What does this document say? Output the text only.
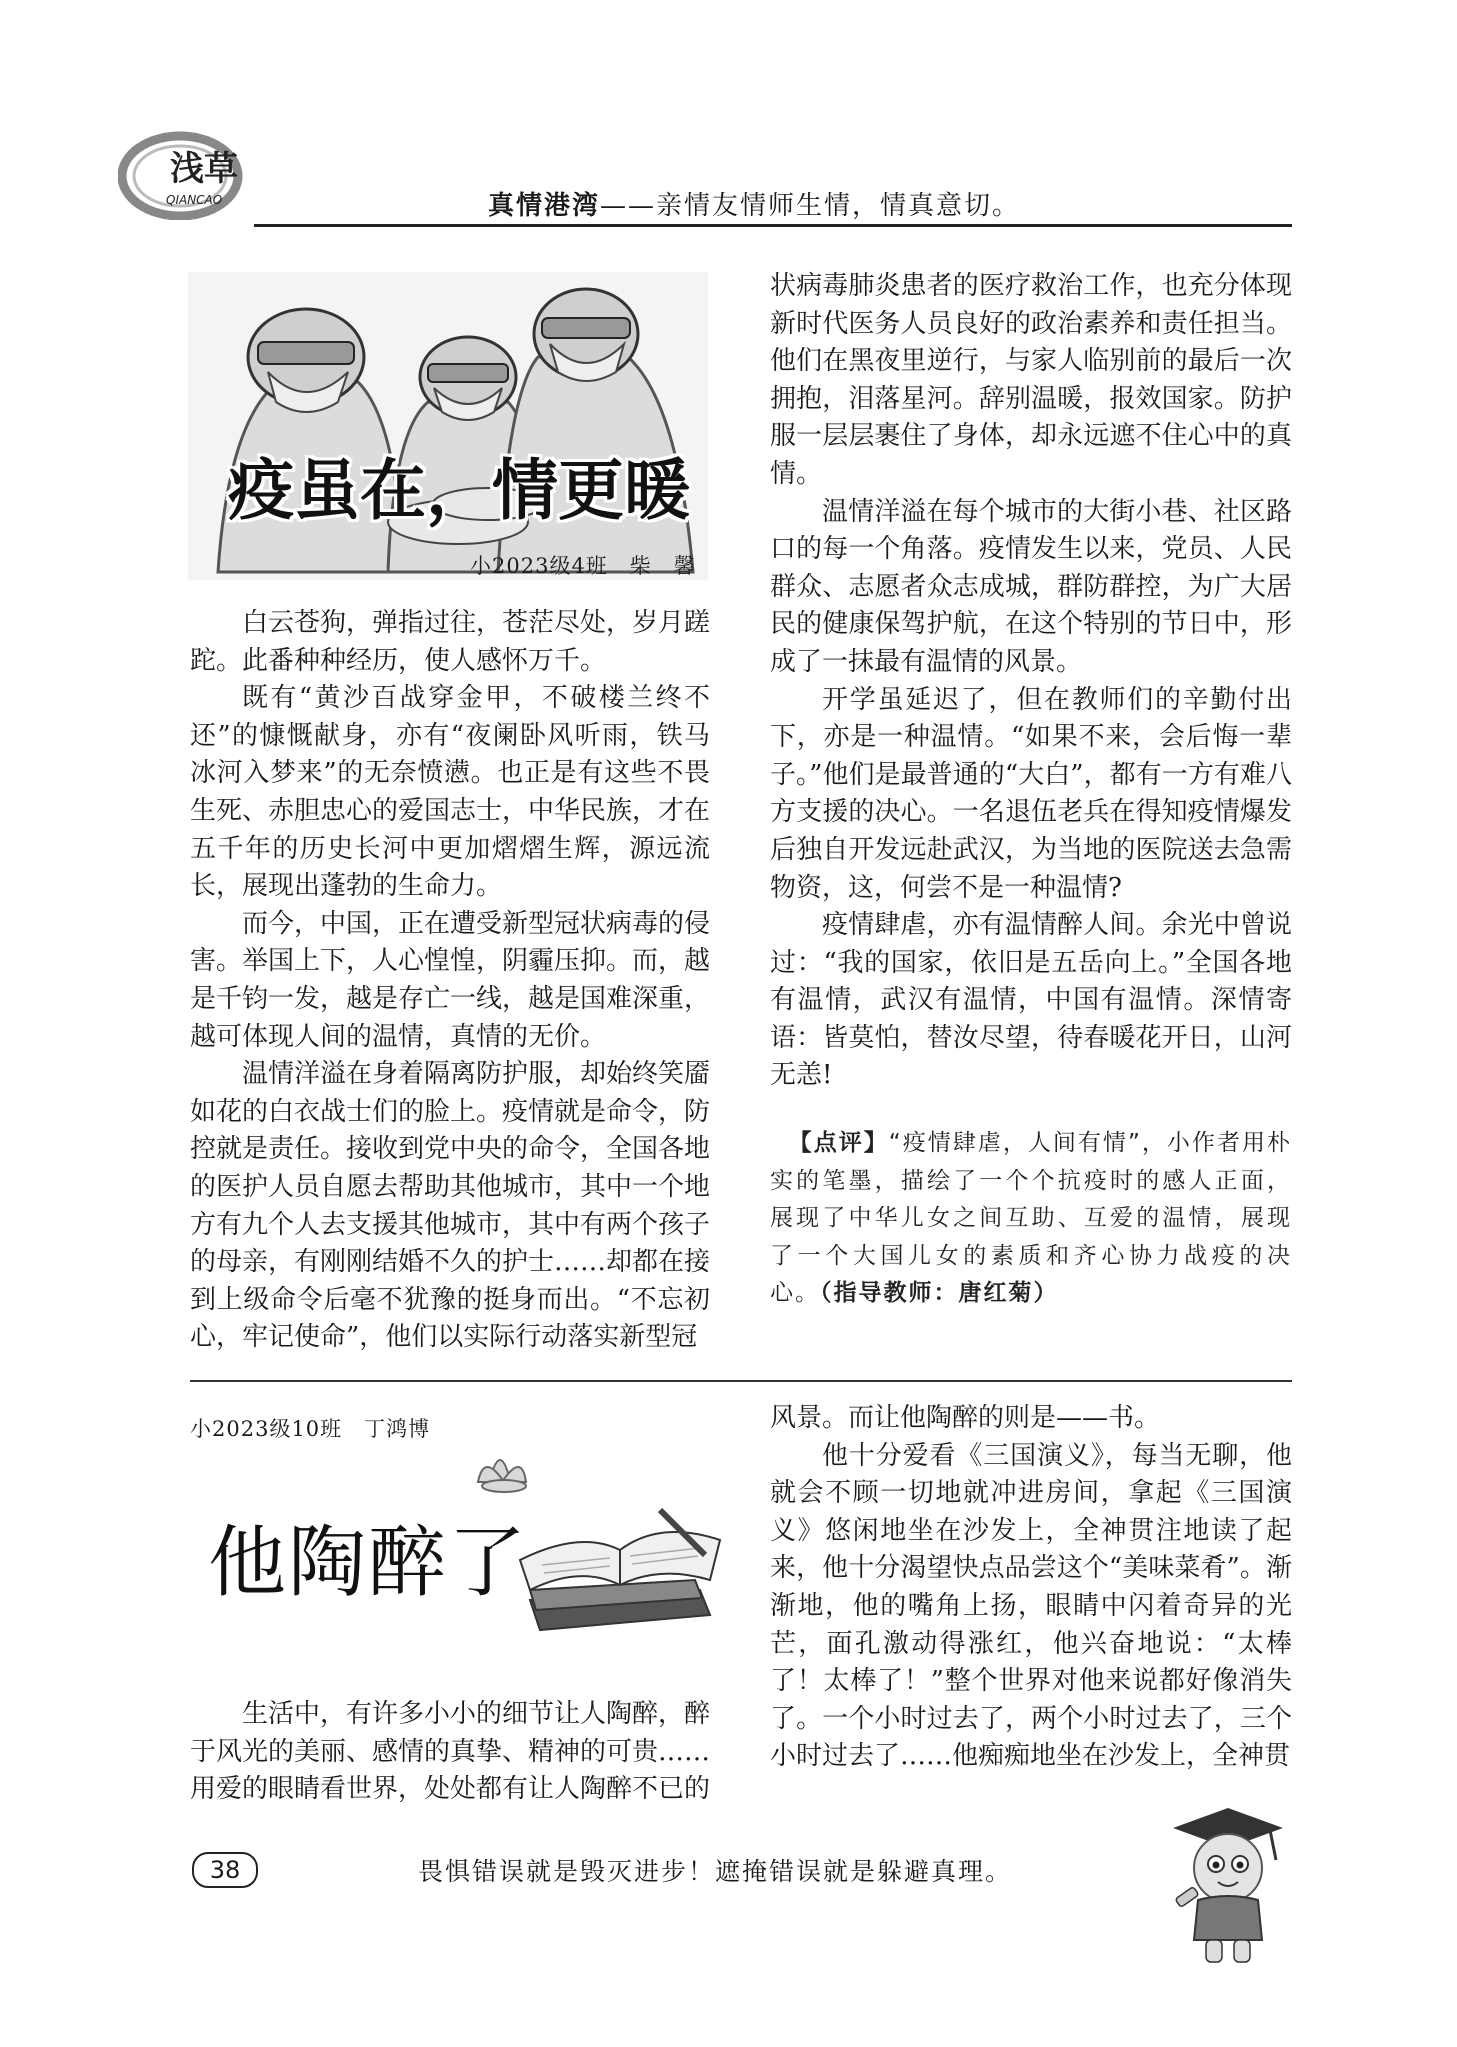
浅草
QIANCAO	真情港湾——亲情友情师生情，情真意切。
疫虽在，情更暖
小2023级4班　柴　馨

白云苍狗，弹指过往，苍茫尽处，岁月蹉跎。此番种种经历，使人感怀万千。

既有“黄沙百战穿金甲，不破楼兰终不还”的慷慨献身，亦有“夜阑卧风听雨，铁马冰河入梦来”的无奈愤懑。也正是有这些不畏生死、赤胆忠心的爱国志士，中华民族，才在五千年的历史长河中更加熠熠生辉，源远流长，展现出蓬勃的生命力。

而今，中国，正在遭受新型冠状病毒的侵害。举国上下，人心惶惶，阴霾压抑。而，越是千钧一发，越是存亡一线，越是国难深重，越可体现人间的温情，真情的无价。

温情洋溢在身着隔离防护服，却始终笑靥如花的白衣战士们的脸上。疫情就是命令，防控就是责任。接收到党中央的命令，全国各地的医护人员自愿去帮助其他城市，其中一个地方有九个人去支援其他城市，其中有两个孩子的母亲，有刚刚结婚不久的护士……却都在接到上级命令后毫不犹豫的挺身而出。“不忘初心，牢记使命”，他们以实际行动落实新型冠

状病毒肺炎患者的医疗救治工作，也充分体现新时代医务人员良好的政治素养和责任担当。他们在黑夜里逆行，与家人临别前的最后一次拥抱，泪落星河。辞别温暖，报效国家。防护服一层层裹住了身体，却永远遮不住心中的真情。

温情洋溢在每个城市的大街小巷、社区路口的每一个角落。疫情发生以来，党员、人民群众、志愿者众志成城，群防群控，为广大居民的健康保驾护航，在这个特别的节日中，形成了一抹最有温情的风景。

开学虽延迟了，但在教师们的辛勤付出下，亦是一种温情。“如果不来，会后悔一辈子。”他们是最普通的“大白”，都有一方有难八方支援的决心。一名退伍老兵在得知疫情爆发后独自开发远赴武汉，为当地的医院送去急需物资，这，何尝不是一种温情?

疫情肆虐，亦有温情醉人间。余光中曾说过：“我的国家，依旧是五岳向上。”全国各地有温情，武汉有温情，中国有温情。深情寄语：皆莫怕，替汝尽望，待春暖花开日，山河无恙!

【点评】“疫情肆虐，人间有情”，小作者用朴实的笔墨，描绘了一个个抗疫时的感人正面，展现了中华儿女之间互助、互爱的温情，展现了一个大国儿女的素质和齐心协力战疫的决心。（指导教师：唐红菊）
小2023级10班　丁鸿博
他陶醉了

生活中，有许多小小的细节让人陶醉，醉于风光的美丽、感情的真挚、精神的可贵……用爱的眼睛看世界，处处都有让人陶醉不已的

风景。而让他陶醉的则是——书。

他十分爱看《三国演义》，每当无聊，他就会不顾一切地就冲进房间，拿起《三国演义》悠闲地坐在沙发上，全神贯注地读了起来，他十分渴望快点品尝这个“美味菜肴”。渐渐地，他的嘴角上扬，眼睛中闪着奇异的光芒，面孔激动得涨红，他兴奋地说：“太棒了！太棒了！”整个世界对他来说都好像消失了。一个小时过去了，两个小时过去了，三个小时过去了……他痴痴地坐在沙发上，全神贯

38	畏惧错误就是毁灭进步！遮掩错误就是躲避真理。
